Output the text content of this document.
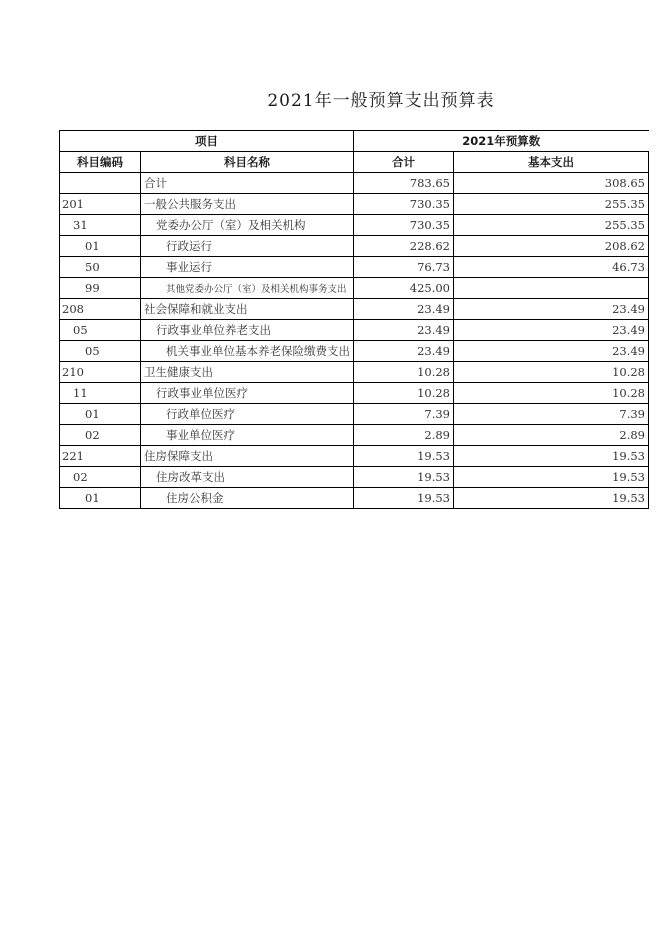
2021年一般预算支出预算表
项目		2021年预算数	
科目编码	科目名称	合计	基本支出
	合计	783.65	308.65
201	一般公共服务支出	730.35	255.35
31	党委办公厅（室）及相关机构	730.35	255.35
01	行政运行	228.62	208.62
50	事业运行	76.73	46.73
99	其他党委办公厅（室）及相关机构事务支出	425.00	
208	社会保障和就业支出	23.49	23.49
05	行政事业单位养老支出	23.49	23.49
05	机关事业单位基本养老保险缴费支出	23.49	23.49
210	卫生健康支出	10.28	10.28
11	行政事业单位医疗	10.28	10.28
01	行政单位医疗	7.39	7.39
02	事业单位医疗	2.89	2.89
221	住房保障支出	19.53	19.53
02	住房改革支出	19.53	19.53
01	住房公积金	19.53	19.53
